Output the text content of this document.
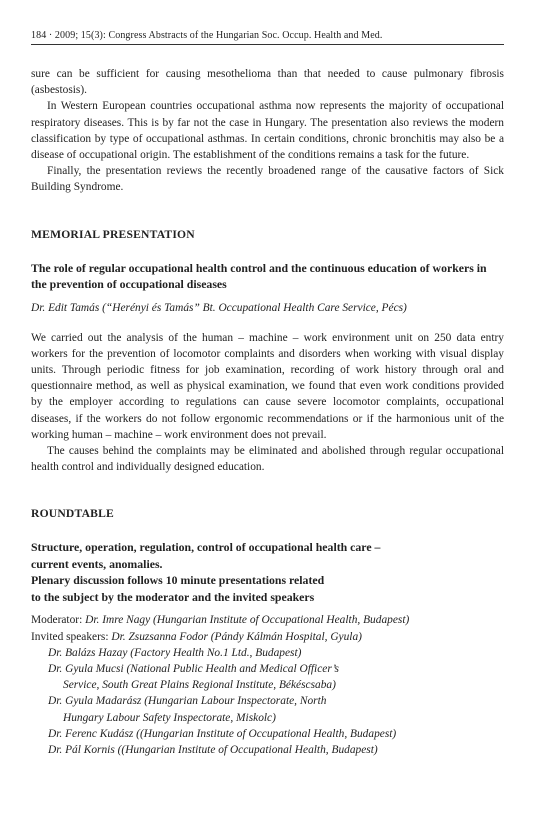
184 · 2009; 15(3): Congress Abstracts of the Hungarian Soc. Occup. Health and Med.

sure can be sufficient for causing mesothelioma than that needed to cause pulmonary fibrosis (asbestosis).

In Western European countries occupational asthma now represents the majority of occupational respiratory diseases. This is by far not the case in Hungary. The presentation also reviews the modern classification by type of occupational asthmas. In certain conditions, chronic bronchitis may also be a disease of occupational origin. The establishment of the conditions remains a task for the future.

Finally, the presentation reviews the recently broadened range of the causative factors of Sick Building Syndrome.

MEMORIAL PRESENTATION
The role of regular occupational health control and the continuous education of workers in the prevention of occupational diseases
Dr. Edit Tamás (“Herényi és Tamás” Bt. Occupational Health Care Service, Pécs)

We carried out the analysis of the human – machine – work environment unit on 250 data entry workers for the prevention of locomotor complaints and disorders when working with visual display units. Through periodic fitness for job examination, recording of work history through oral and questionnaire method, as well as physical examination, we found that even work conditions provided by the employer according to regulations can cause severe locomotor complaints, occupational diseases, if the workers do not follow ergonomic recommendations or if the harmonious unit of the working human – machine – work environment does not prevail.

The causes behind the complaints may be eliminated and abolished through regular occupational health control and individually designed education.

ROUNDTABLE
Structure, operation, regulation, control of occupational health care –
current events, anomalies.
Plenary discussion follows 10 minute presentations related
to the subject by the moderator and the invited speakers

Moderator: Dr. Imre Nagy (Hungarian Institute of Occupational Health, Budapest)

Invited speakers: Dr. Zsuzsanna Fodor (Pándy Kálmán Hospital, Gyula)

Dr. Balázs Hazay (Factory Health No.1 Ltd., Budapest)

Dr. Gyula Mucsi (National Public Health and Medical Officer’s
Service, South Great Plains Regional Institute, Békéscsaba)

Dr. Gyula Madarász (Hungarian Labour Inspectorate, North
Hungary Labour Safety Inspectorate, Miskolc)

Dr. Ferenc Kudász ((Hungarian Institute of Occupational Health, Budapest)

Dr. Pál Kornis ((Hungarian Institute of Occupational Health, Budapest)
